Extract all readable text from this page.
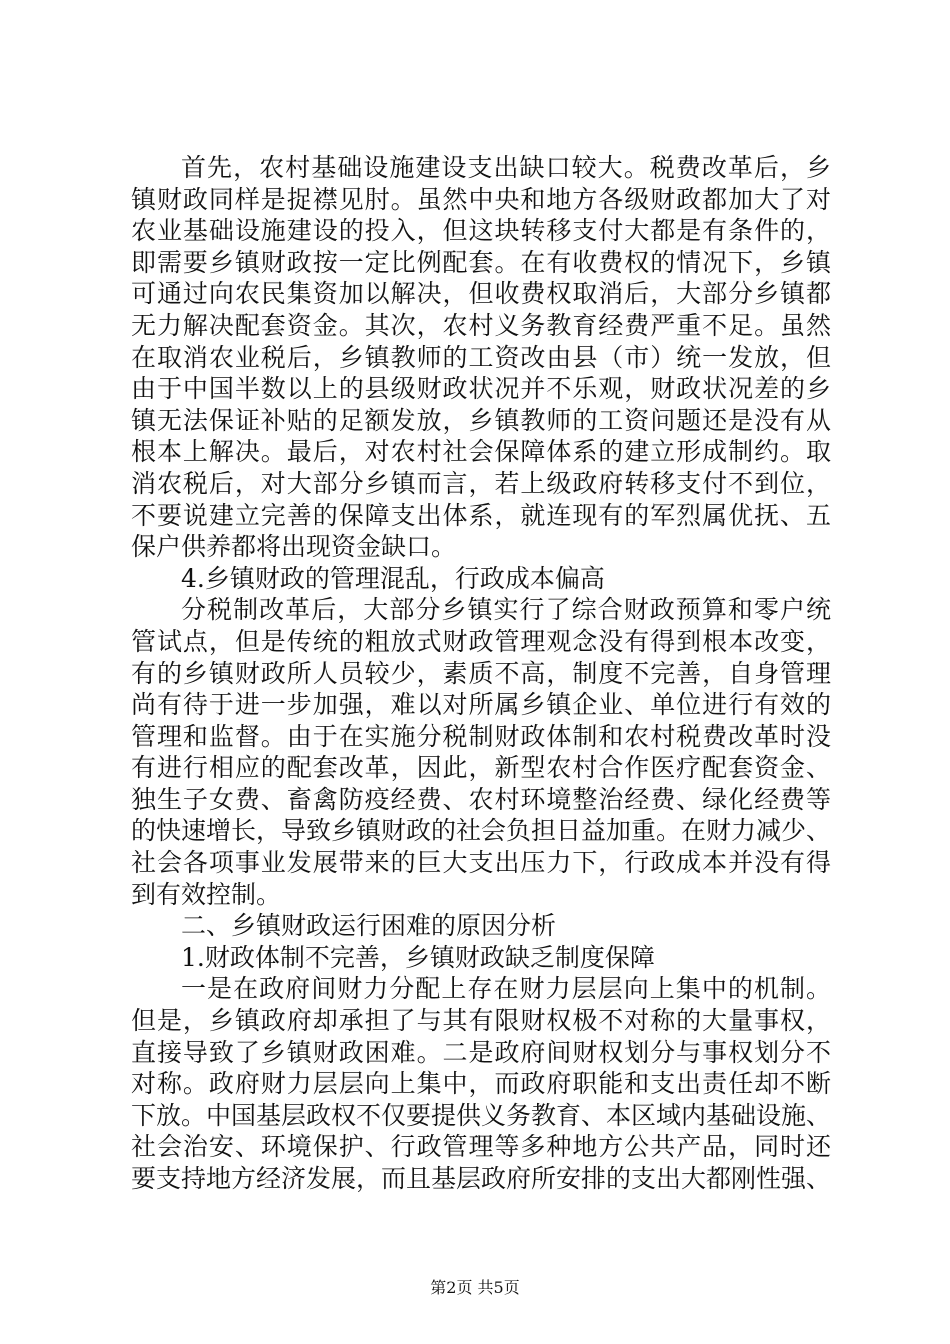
首先，农村基础设施建设支出缺口较大。税费改革后，乡
镇财政同样是捉襟见肘。虽然中央和地方各级财政都加大了对
农业基础设施建设的投入，但这块转移支付大都是有条件的，
即需要乡镇财政按一定比例配套。在有收费权的情况下，乡镇
可通过向农民集资加以解决，但收费权取消后，大部分乡镇都
无力解决配套资金。其次，农村义务教育经费严重不足。虽然
在取消农业税后，乡镇教师的工资改由县（市）统一发放，但
由于中国半数以上的县级财政状况并不乐观，财政状况差的乡
镇无法保证补贴的足额发放，乡镇教师的工资问题还是没有从
根本上解决。最后，对农村社会保障体系的建立形成制约。取
消农税后，对大部分乡镇而言，若上级政府转移支付不到位，
不要说建立完善的保障支出体系，就连现有的军烈属优抚、五
保户供养都将出现资金缺口。
4.乡镇财政的管理混乱，行政成本偏高
分税制改革后，大部分乡镇实行了综合财政预算和零户统
管试点，但是传统的粗放式财政管理观念没有得到根本改变，
有的乡镇财政所人员较少，素质不高，制度不完善，自身管理
尚有待于进一步加强，难以对所属乡镇企业、单位进行有效的
管理和监督。由于在实施分税制财政体制和农村税费改革时没
有进行相应的配套改革，因此，新型农村合作医疗配套资金、
独生子女费、畜禽防疫经费、农村环境整治经费、绿化经费等
的快速增长，导致乡镇财政的社会负担日益加重。在财力减少、
社会各项事业发展带来的巨大支出压力下，行政成本并没有得
到有效控制。
二、乡镇财政运行困难的原因分析
1.财政体制不完善，乡镇财政缺乏制度保障
一是在政府间财力分配上存在财力层层向上集中的机制。
但是，乡镇政府却承担了与其有限财权极不对称的大量事权，
直接导致了乡镇财政困难。二是政府间财权划分与事权划分不
对称。政府财力层层向上集中，而政府职能和支出责任却不断
下放。中国基层政权不仅要提供义务教育、本区域内基础设施、
社会治安、环境保护、行政管理等多种地方公共产品，同时还
要支持地方经济发展，而且基层政府所安排的支出大都刚性强、
第2页 共5页
